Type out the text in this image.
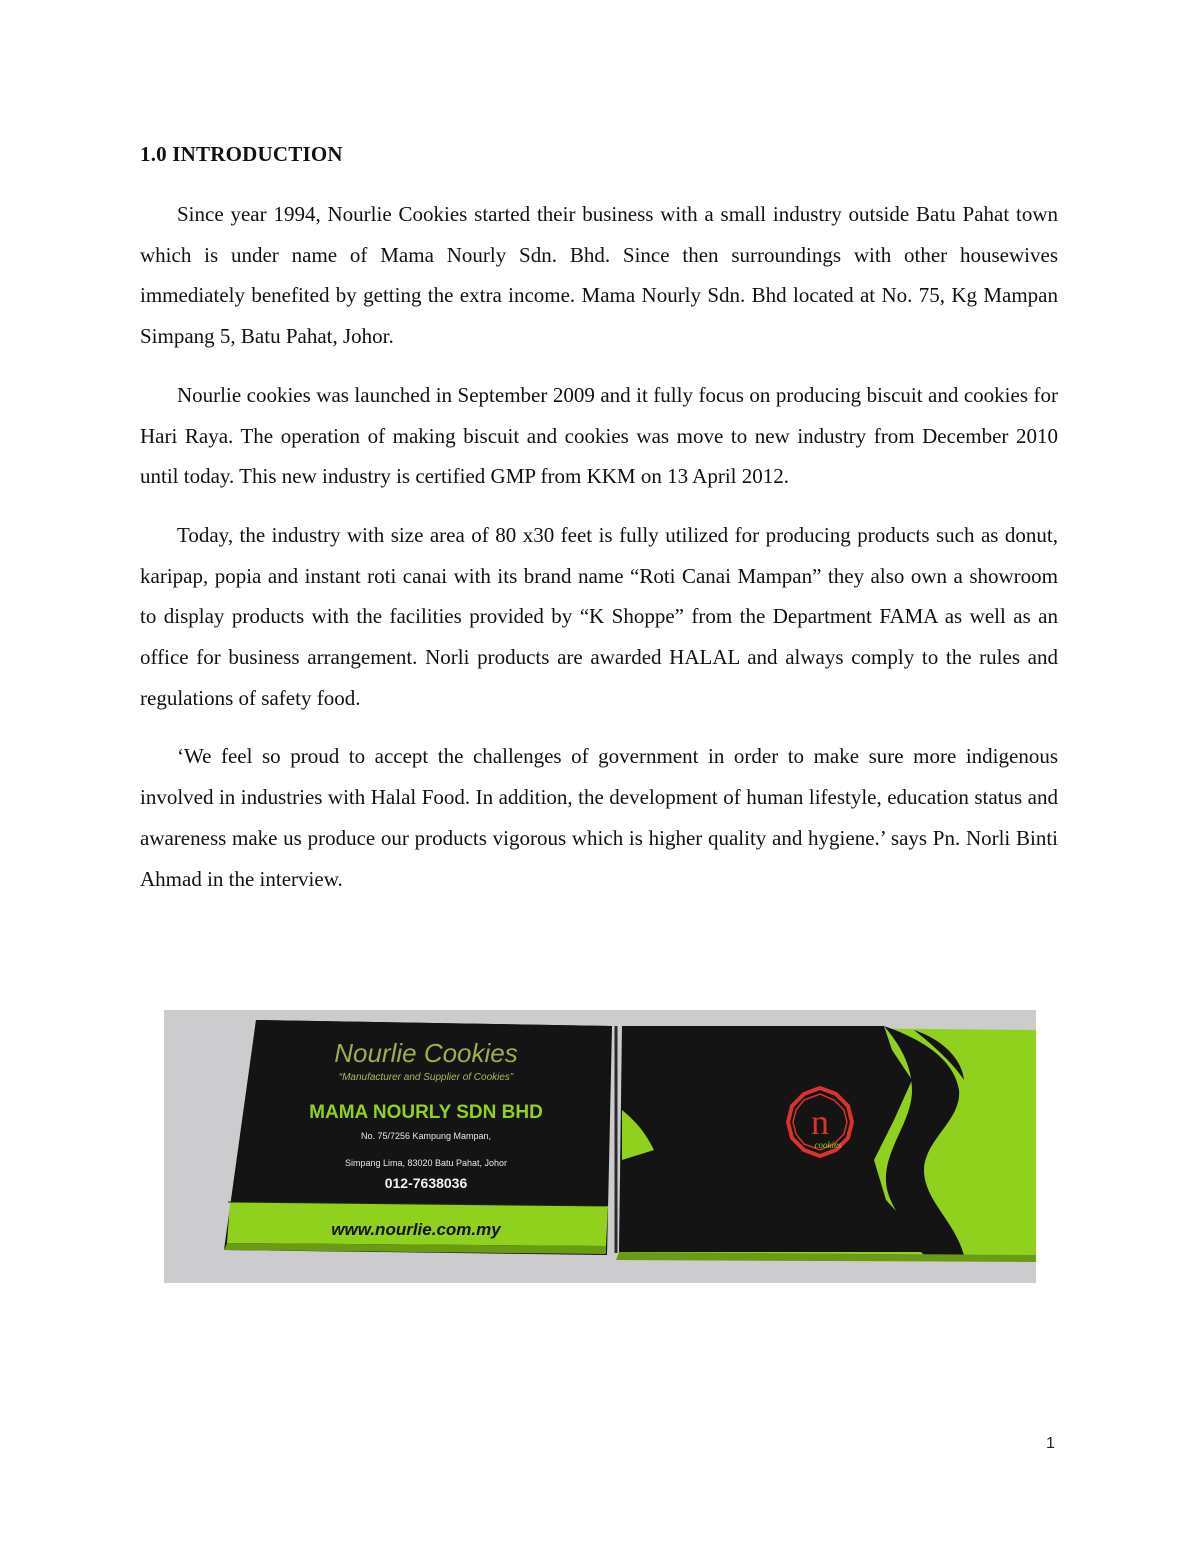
1.0 INTRODUCTION

Since year 1994, Nourlie Cookies started their business with a small industry outside Batu Pahat town which is under name of Mama Nourly Sdn. Bhd. Since then surroundings with other housewives immediately benefited by getting the extra income. Mama Nourly Sdn. Bhd located at No. 75, Kg Mampan Simpang 5, Batu Pahat, Johor.

Nourlie cookies was launched in September 2009 and it fully focus on producing biscuit and cookies for Hari Raya. The operation of making biscuit and cookies was move to new industry from December 2010 until today. This new industry is certified GMP from KKM on 13 April 2012.

Today, the industry with size area of 80 x30 feet is fully utilized for producing products such as donut, karipap, popia and instant roti canai with its brand name “Roti Canai Mampan” they also own a showroom to display products with the facilities provided by “K Shoppe” from the Department FAMA as well as an office for business arrangement. Norli products are awarded HALAL and always comply to the rules and regulations of safety food.

‘We feel so proud to accept the challenges of government in order to make sure more indigenous involved in industries with Halal Food. In addition, the development of human lifestyle, education status and awareness make us produce our products vigorous which is higher quality and hygiene.’ says Pn. Norli Binti Ahmad in the interview.

Nourlie Cookies
“Manufacturer and Supplier of Cookies”
MAMA NOURLY SDN BHD
No. 75/7256 Kampung Mampan,
Simpang Lima, 83020 Batu Pahat, Johor
012-7638036
www.nourlie.com.my
n
cookies
1
